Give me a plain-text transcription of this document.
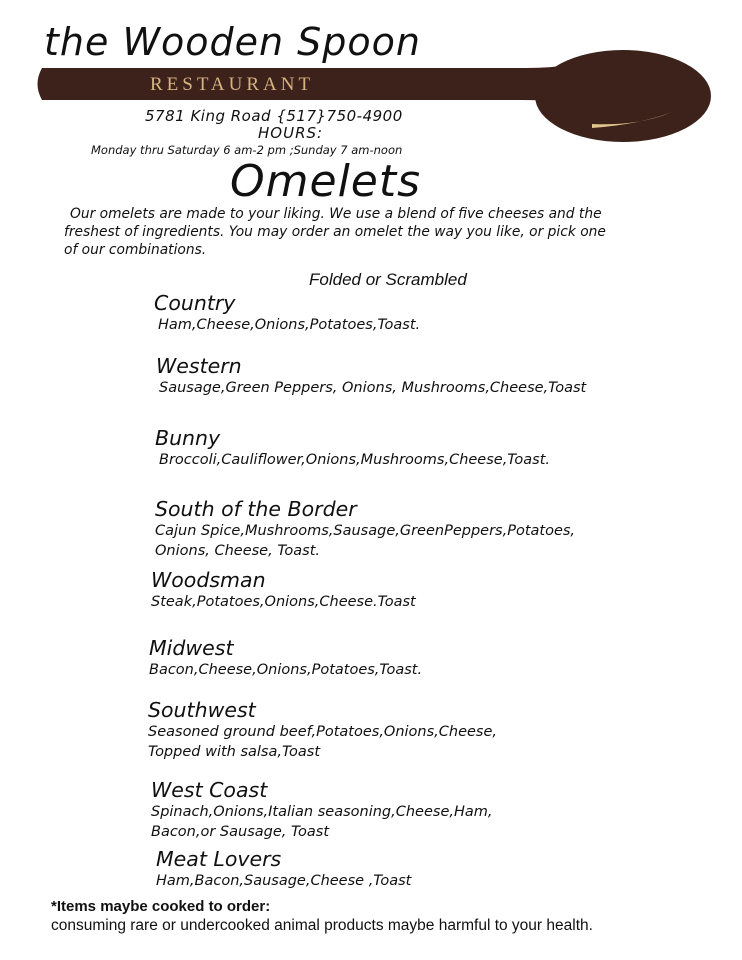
the Wooden Spoon
RESTAURANT
5781 King Road {517}750-4900
HOURS:
Monday thru Saturday 6 am-2 pm ;Sunday 7 am-noon
Omelets

Our omelets are made to your liking. We use a blend of five cheeses and the

freshest of ingredients. You may order an omelet the way you like, or pick one

of our combinations.

Folded or Scrambled
Country
Ham,Cheese,Onions,Potatoes,Toast.
Western
Sausage,Green Peppers, Onions, Mushrooms,Cheese,Toast
Bunny
Broccoli,Cauliflower,Onions,Mushrooms,Cheese,Toast.
South of the Border
Cajun Spice,Mushrooms,Sausage,GreenPeppers,Potatoes,
Onions, Cheese, Toast.
Woodsman
Steak,Potatoes,Onions,Cheese.Toast
Midwest
Bacon,Cheese,Onions,Potatoes,Toast.
Southwest
Seasoned ground beef,Potatoes,Onions,Cheese,
Topped with salsa,Toast
West Coast
Spinach,Onions,Italian seasoning,Cheese,Ham,
Bacon,or Sausage, Toast
Meat Lovers
Ham,Bacon,Sausage,Cheese ,Toast
*Items maybe cooked to order:
consuming rare or undercooked animal products maybe harmful to your health.
